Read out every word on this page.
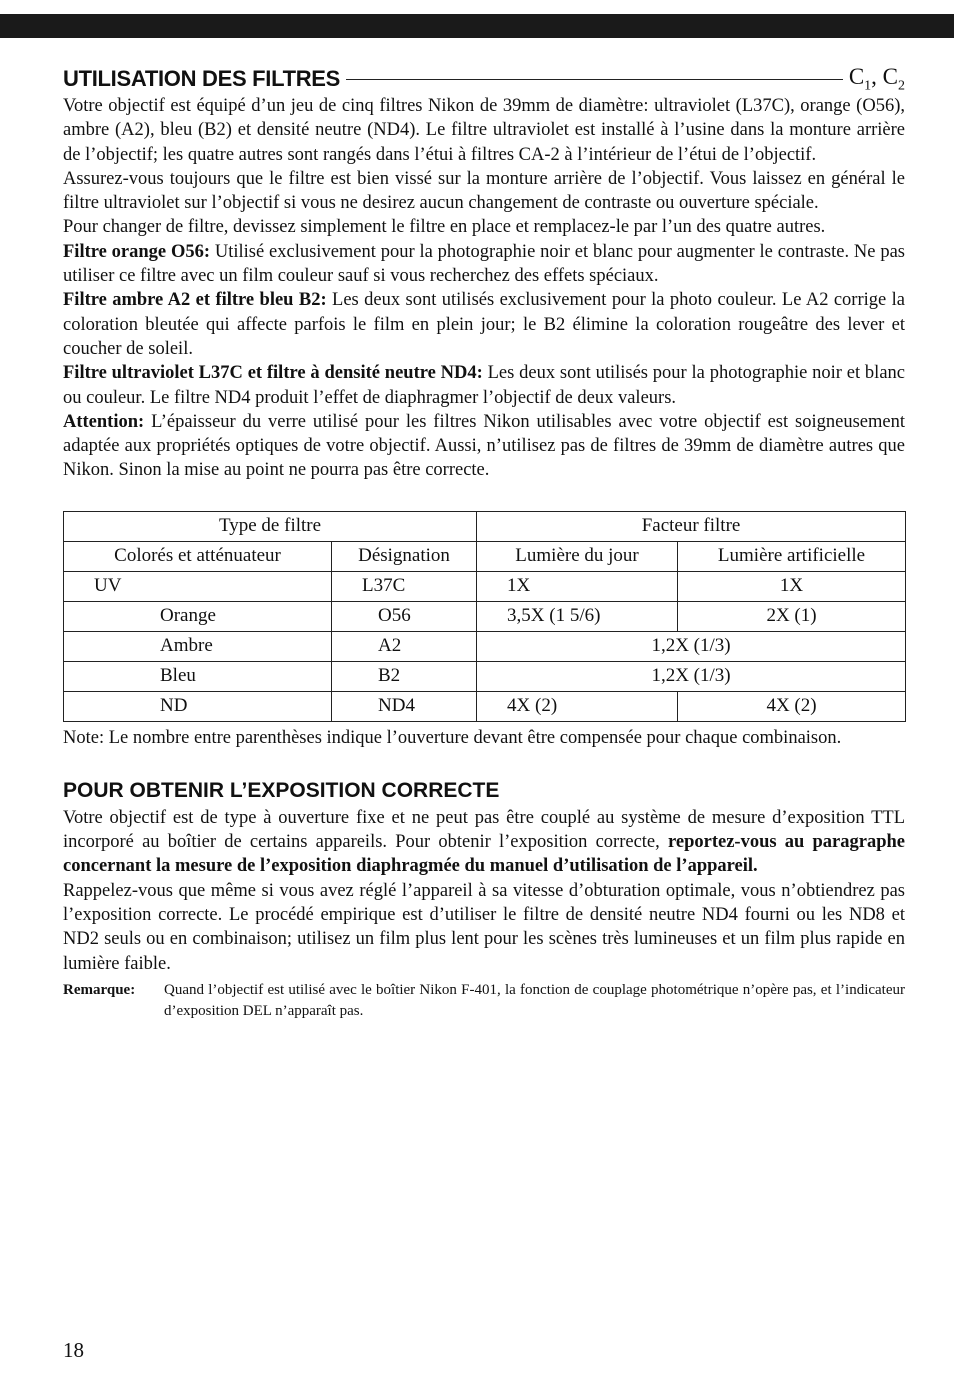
UTILISATION DES FILTRES	$C_1$, $C_2$

Votre objectif est équipé d’un jeu de cinq filtres Nikon de 39mm de diamètre: ultraviolet (L37C), orange (O56), ambre (A2), bleu (B2) et densité neutre (ND4). Le filtre ultraviolet est installé à l’usine dans la monture arrière de l’objectif; les quatre autres sont rangés dans l’étui à filtres CA-2 à l’intérieur de l’étui de l’objectif.

Assurez-vous toujours que le filtre est bien vissé sur la monture arrière de l’objectif. Vous laissez en général le filtre ultraviolet sur l’objectif si vous ne desirez aucun changement de contraste ou ouverture spéciale.

Pour changer de filtre, devissez simplement le filtre en place et remplacez-le par l’un des quatre autres.

Filtre orange O56: Utilisé exclusivement pour la photographie noir et blanc pour augmenter le contraste. Ne pas utiliser ce filtre avec un film couleur sauf si vous recherchez des effets spéciaux.

Filtre ambre A2 et filtre bleu B2: Les deux sont utilisés exclusivement pour la photo couleur. Le A2 corrige la coloration bleutée qui affecte parfois le film en plein jour; le B2 élimine la coloration rougeâtre des lever et coucher de soleil.

Filtre ultraviolet L37C et filtre à densité neutre ND4: Les deux sont utilisés pour la photographie noir et blanc ou couleur. Le filtre ND4 produit l’effet de diaphragmer l’objectif de deux valeurs.

Attention: L’épaisseur du verre utilisé pour les filtres Nikon utilisables avec votre objectif est soigneusement adaptée aux propriétés optiques de votre objectif. Aussi, n’utilisez pas de filtres de 39mm de diamètre autres que Nikon. Sinon la mise au point ne pourra pas être correcte.

Type de filtre		Facteur filtre	
Colorés et atténuateur	Désignation	Lumière du jour	Lumière artificielle
UV	L37C	1X	1X
Orange	O56	3,5X (1 5/6)	2X (1)
Ambre	A2	1,2X (1/3)	
Bleu	B2	1,2X (1/3)	
ND	ND4	4X (2)	4X (2)

Note: Le nombre entre parenthèses indique l’ouverture devant être compensée pour chaque combinaison.

POUR OBTENIR L’EXPOSITION CORRECTE

Votre objectif est de type à ouverture fixe et ne peut pas être couplé au système de mesure d’exposition TTL incorporé au boîtier de certains appareils. Pour obtenir l’exposition correcte, reportez-vous au paragraphe concernant la mesure de l’exposition diaphragmée du manuel d’utilisation de l’appareil.

Rappelez-vous que même si vous avez réglé l’appareil à sa vitesse d’obturation optimale, vous n’obtiendrez pas l’exposition correcte. Le procédé empirique est d’utiliser le filtre de densité neutre ND4 fourni ou les ND8 et ND2 seuls ou en combinaison; utilisez un film plus lent pour les scènes très lumineuses et un film plus rapide en lumière faible.

Remarque: Quand l’objectif est utilisé avec le boîtier Nikon F-401, la fonction de couplage photométrique n’opère pas, et l’indicateur d’exposition DEL n’apparaît pas.

18
